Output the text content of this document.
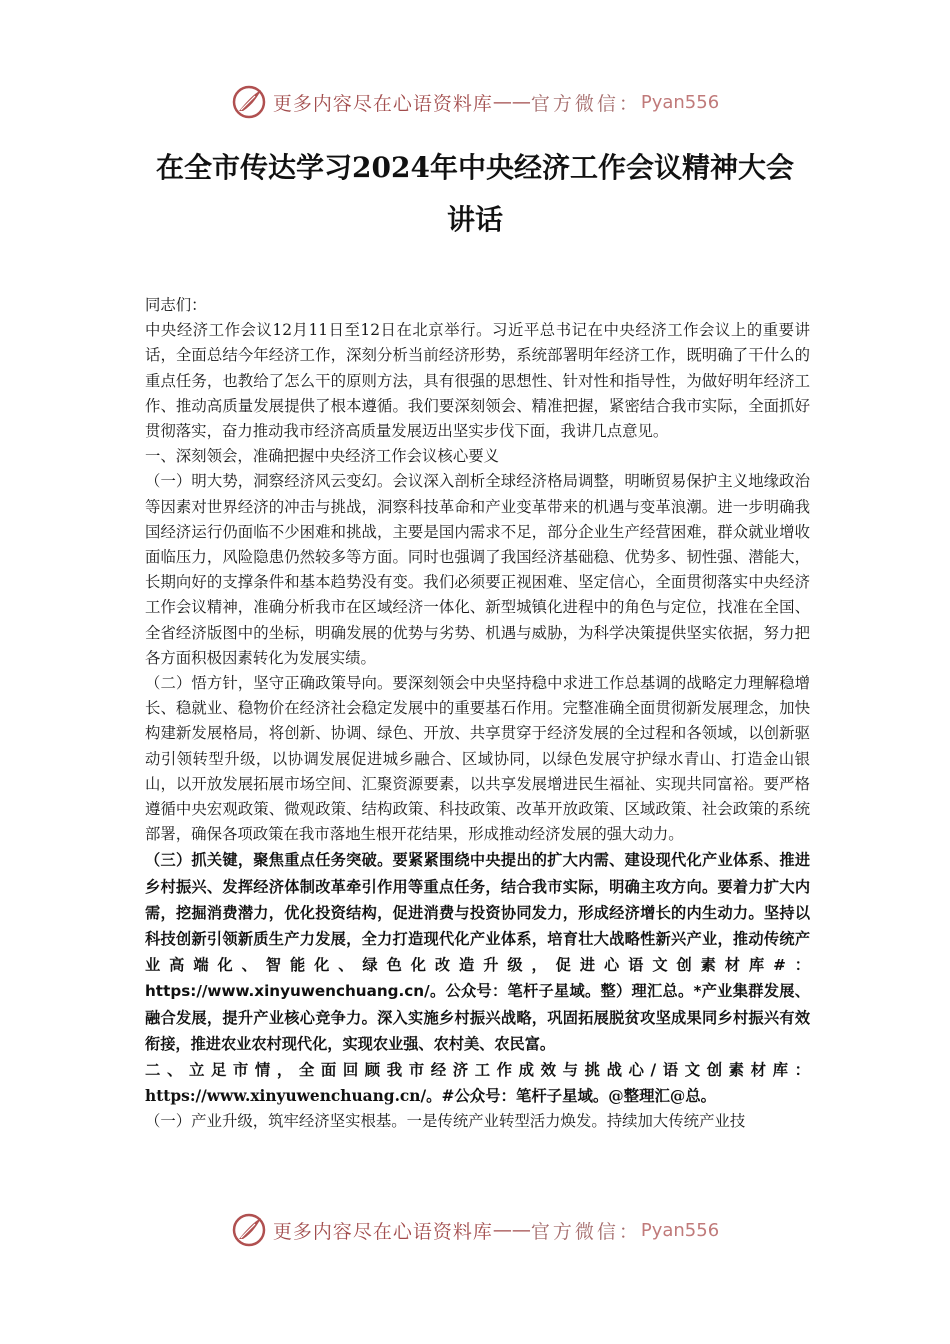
更多内容尽在心语资料库 —— 官方微信： Pyan556
在全市传达学习2024年中央经济工作会议精神大会
讲话

同志们：

中央经济工作会议12月11日至12日在北京举行。习近平总书记在中央经济工作会议上的重要讲话，全面总结今年经济工作，深刻分析当前经济形势，系统部署明年经济工作，既明确了干什么的重点任务，也教给了怎么干的原则方法，具有很强的思想性、针对性和指导性，为做好明年经济工作、推动高质量发展提供了根本遵循。我们要深刻领会、精准把握，紧密结合我市实际，全面抓好贯彻落实，奋力推动我市经济高质量发展迈出坚实步伐下面，我讲几点意见。

一、深刻领会，准确把握中央经济工作会议核心要义

（一）明大势，洞察经济风云变幻。会议深入剖析全球经济格局调整，明晰贸易保护主义地缘政治等因素对世界经济的冲击与挑战，洞察科技革命和产业变革带来的机遇与变革浪潮。进一步明确我国经济运行仍面临不少困难和挑战，主要是国内需求不足，部分企业生产经营困难，群众就业增收面临压力，风险隐患仍然较多等方面。同时也强调了我国经济基础稳、优势多、韧性强、潜能大，长期向好的支撑条件和基本趋势没有变。我们必须要正视困难、坚定信心，全面贯彻落实中央经济工作会议精神，准确分析我市在区域经济一体化、新型城镇化进程中的角色与定位，找准在全国、全省经济版图中的坐标，明确发展的优势与劣势、机遇与威胁，为科学决策提供坚实依据，努力把各方面积极因素转化为发展实绩。

（二）悟方针，坚守正确政策导向。要深刻领会中央坚持稳中求进工作总基调的战略定力理解稳增长、稳就业、稳物价在经济社会稳定发展中的重要基石作用。完整准确全面贯彻新发展理念，加快构建新发展格局，将创新、协调、绿色、开放、共享贯穿于经济发展的全过程和各领域，以创新驱动引领转型升级，以协调发展促进城乡融合、区域协同，以绿色发展守护绿水青山、打造金山银山，以开放发展拓展市场空间、汇聚资源要素，以共享发展增进民生福祉、实现共同富裕。要严格遵循中央宏观政策、微观政策、结构政策、科技政策、改革开放政策、区域政策、社会政策的系统部署，确保各项政策在我市落地生根开花结果，形成推动经济发展的强大动力。

（三）抓关键，聚焦重点任务突破。要紧紧围绕中央提出的扩大内需、建设现代化产业体系、推进乡村振兴、发挥经济体制改革牵引作用等重点任务，结合我市实际，明确主攻方向。要着力扩大内需，挖掘消费潜力，优化投资结构，促进消费与投资协同发力，形成经济增长的内生动力。坚持以科技创新引领新质生产力发展，全力打造现代化产业体系，培育壮大战略性新兴产业，推动传统产业高端化、智能化、绿色化改造升级，促进心语文创素材库#：https://www.xinyuwenchuang.cn/。公众号：笔杆子星域。整）理汇总。*产业集群发展、融合发展，提升产业核心竞争力。深入实施乡村振兴战略，巩固拓展脱贫攻坚成果同乡村振兴有效衔接，推进农业农村现代化，实现农业强、农村美、农民富。

二、立足市情，全面回顾我市经济工作成效与挑战心/语文创素材库：https://www.xinyuwenchuang.cn/。#公众号：笔杆子星域。@整理汇@总。

（一）产业升级，筑牢经济坚实根基。一是传统产业转型活力焕发。持续加大传统产业技

更多内容尽在心语资料库 —— 官方微信： Pyan556
